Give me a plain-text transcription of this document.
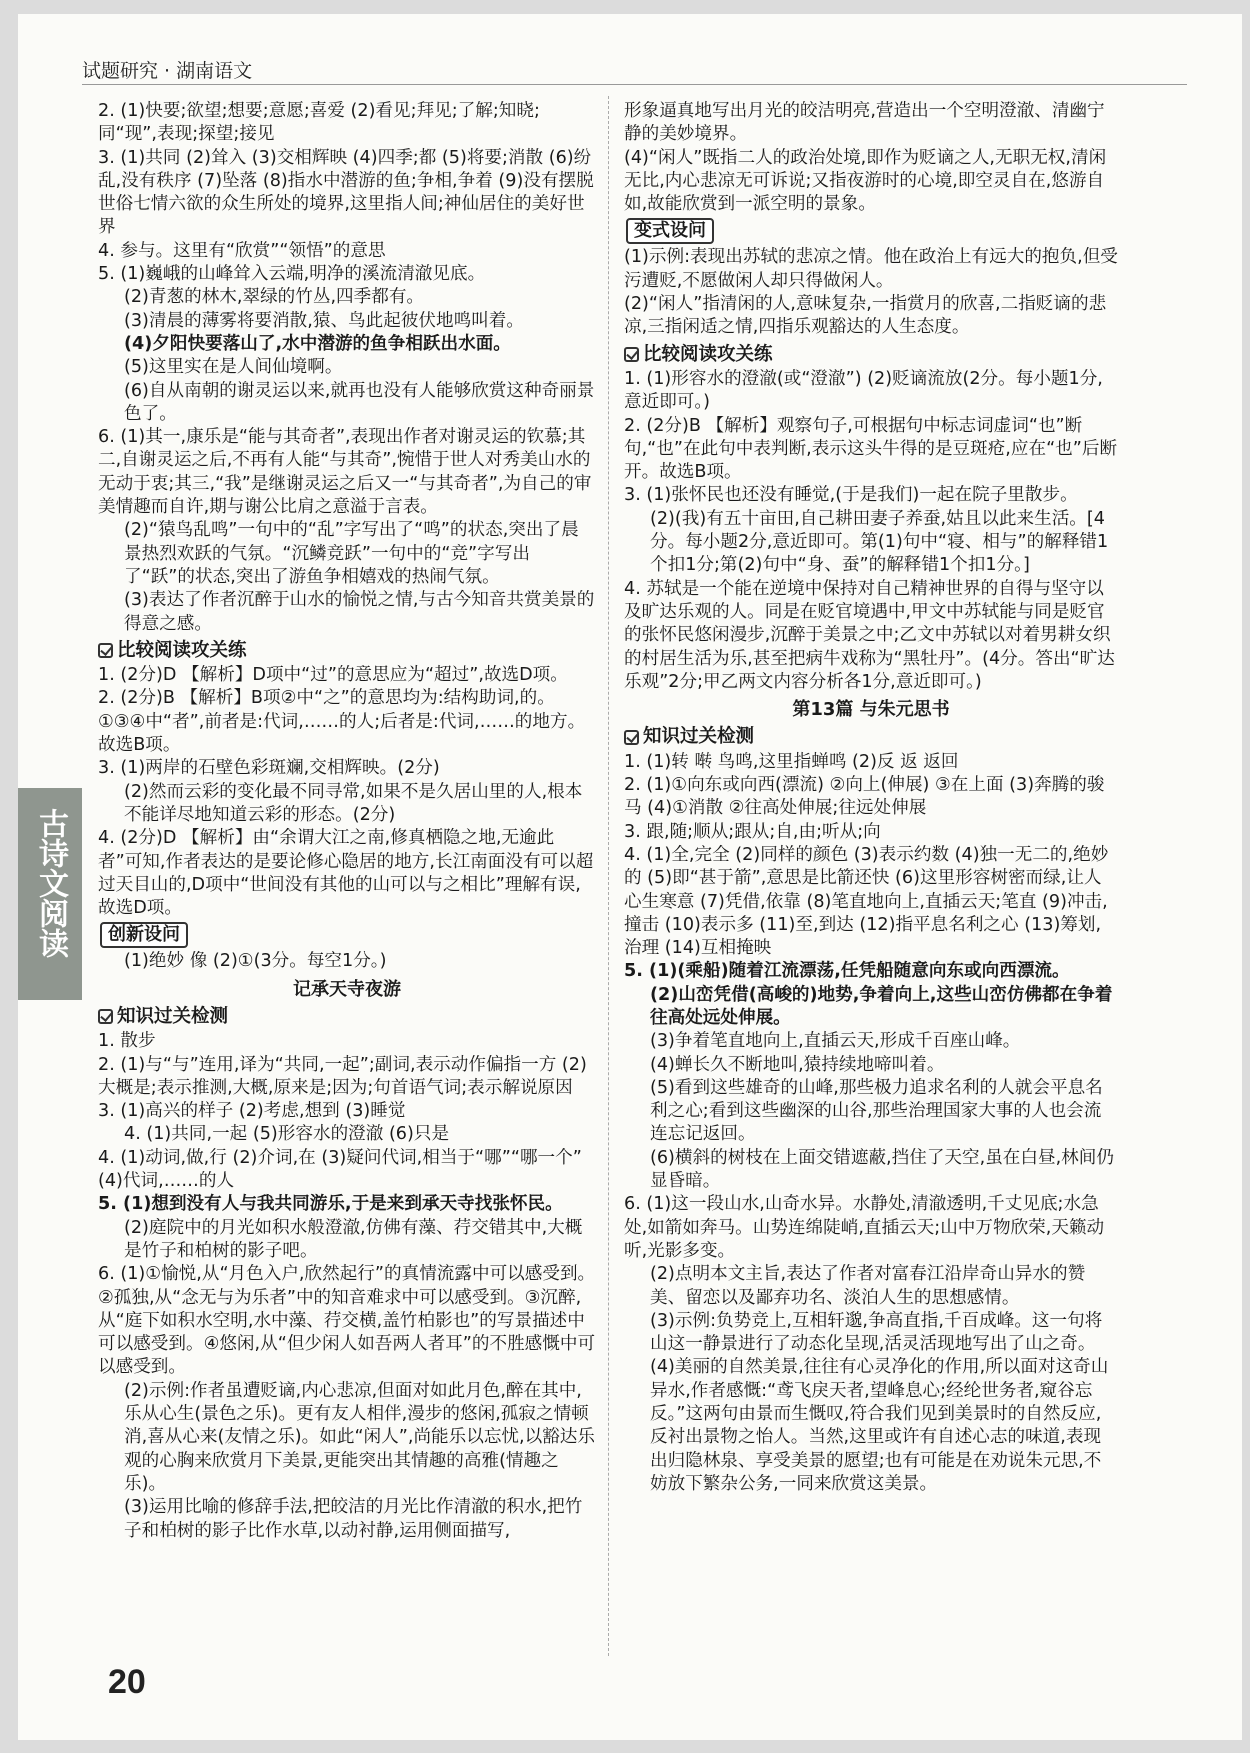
试题研究 · 湖南语文
古诗文阅读
2. (1)快要;欲望;想要;意愿;喜爱 (2)看见;拜见;了解;知晓;同“现”,表现;探望;接见
3. (1)共同 (2)耸入 (3)交相辉映 (4)四季;都 (5)将要;消散 (6)纷乱,没有秩序 (7)坠落 (8)指水中潜游的鱼;争相,争着 (9)没有摆脱世俗七情六欲的众生所处的境界,这里指人间;神仙居住的美好世界
4. 参与。这里有“欣赏”“领悟”的意思
5. (1)巍峨的山峰耸入云端,明净的溪流清澈见底。
(2)青葱的林木,翠绿的竹丛,四季都有。
(3)清晨的薄雾将要消散,猿、鸟此起彼伏地鸣叫着。
(4)夕阳快要落山了,水中潜游的鱼争相跃出水面。
(5)这里实在是人间仙境啊。
(6)自从南朝的谢灵运以来,就再也没有人能够欣赏这种奇丽景色了。
6. (1)其一,康乐是“能与其奇者”,表现出作者对谢灵运的钦慕;其二,自谢灵运之后,不再有人能“与其奇”,惋惜于世人对秀美山水的无动于衷;其三,“我”是继谢灵运之后又一“与其奇者”,为自己的审美情趣而自许,期与谢公比肩之意溢于言表。
(2)“猿鸟乱鸣”一句中的“乱”字写出了“鸣”的状态,突出了晨景热烈欢跃的气氛。“沉鳞竞跃”一句中的“竞”字写出了“跃”的状态,突出了游鱼争相嬉戏的热闹气氛。
(3)表达了作者沉醉于山水的愉悦之情,与古今知音共赏美景的得意之感。
比较阅读攻关练
1. (2分)D 【解析】D项中“过”的意思应为“超过”,故选D项。
2. (2分)B 【解析】B项②中“之”的意思均为:结构助词,的。①③④中“者”,前者是:代词,……的人;后者是:代词,……的地方。故选B项。
3. (1)两岸的石壁色彩斑斓,交相辉映。(2分)
(2)然而云彩的变化最不同寻常,如果不是久居山里的人,根本不能详尽地知道云彩的形态。(2分)
4. (2分)D 【解析】由“余谓大江之南,修真栖隐之地,无逾此者”可知,作者表达的是要论修心隐居的地方,长江南面没有可以超过天目山的,D项中“世间没有其他的山可以与之相比”理解有误,故选D项。
创新设问
(1)绝妙 像 (2)①(3分。每空1分。)
记承天寺夜游
知识过关检测
1. 散步
2. (1)与“与”连用,译为“共同,一起”;副词,表示动作偏指一方 (2)大概是;表示推测,大概,原来是;因为;句首语气词;表示解说原因
3. (1)高兴的样子 (2)考虑,想到 (3)睡觉
4. (1)共同,一起 (5)形容水的澄澈 (6)只是
4. (1)动词,做,行 (2)介词,在 (3)疑问代词,相当于“哪”“哪一个” (4)代词,……的人
5. (1)想到没有人与我共同游乐,于是来到承天寺找张怀民。
(2)庭院中的月光如积水般澄澈,仿佛有藻、荇交错其中,大概是竹子和柏树的影子吧。
6. (1)①愉悦,从“月色入户,欣然起行”的真情流露中可以感受到。②孤独,从“念无与为乐者”中的知音难求中可以感受到。③沉醉,从“庭下如积水空明,水中藻、荇交横,盖竹柏影也”的写景描述中可以感受到。④悠闲,从“但少闲人如吾两人者耳”的不胜感慨中可以感受到。
(2)示例:作者虽遭贬谪,内心悲凉,但面对如此月色,醉在其中,乐从心生(景色之乐)。更有友人相伴,漫步的悠闲,孤寂之情顿消,喜从心来(友情之乐)。如此“闲人”,尚能乐以忘忧,以豁达乐观的心胸来欣赏月下美景,更能突出其情趣的高雅(情趣之乐)。
(3)运用比喻的修辞手法,把皎洁的月光比作清澈的积水,把竹子和柏树的影子比作水草,以动衬静,运用侧面描写,
形象逼真地写出月光的皎洁明亮,营造出一个空明澄澈、清幽宁静的美妙境界。
(4)“闲人”既指二人的政治处境,即作为贬谪之人,无职无权,清闲无比,内心悲凉无可诉说;又指夜游时的心境,即空灵自在,悠游自如,故能欣赏到一派空明的景象。
变式设问
(1)示例:表现出苏轼的悲凉之情。他在政治上有远大的抱负,但受污遭贬,不愿做闲人却只得做闲人。
(2)“闲人”指清闲的人,意味复杂,一指赏月的欣喜,二指贬谪的悲凉,三指闲适之情,四指乐观豁达的人生态度。
比较阅读攻关练
1. (1)形容水的澄澈(或“澄澈”) (2)贬谪流放(2分。每小题1分,意近即可。)
2. (2分)B 【解析】观察句子,可根据句中标志词虚词“也”断句,“也”在此句中表判断,表示这头牛得的是豆斑疮,应在“也”后断开。故选B项。
3. (1)张怀民也还没有睡觉,(于是我们)一起在院子里散步。
(2)(我)有五十亩田,自己耕田妻子养蚕,姑且以此来生活。[4分。每小题2分,意近即可。第(1)句中“寝、相与”的解释错1个扣1分;第(2)句中“身、蚕”的解释错1个扣1分。]
4. 苏轼是一个能在逆境中保持对自己精神世界的自得与坚守以及旷达乐观的人。同是在贬官境遇中,甲文中苏轼能与同是贬官的张怀民悠闲漫步,沉醉于美景之中;乙文中苏轼以对着男耕女织的村居生活为乐,甚至把病牛戏称为“黑牡丹”。(4分。答出“旷达乐观”2分;甲乙两文内容分析各1分,意近即可。)
第13篇 与朱元思书
知识过关检测
1. (1)转 啭 鸟鸣,这里指蝉鸣 (2)反 返 返回
2. (1)①向东或向西(漂流) ②向上(伸展) ③在上面 (3)奔腾的骏马 (4)①消散 ②往高处伸展;往远处伸展
3. 跟,随;顺从;跟从;自,由;听从;向
4. (1)全,完全 (2)同样的颜色 (3)表示约数 (4)独一无二的,绝妙的 (5)即“甚于箭”,意思是比箭还快 (6)这里形容树密而绿,让人心生寒意 (7)凭借,依靠 (8)笔直地向上,直插云天;笔直 (9)冲击,撞击 (10)表示多 (11)至,到达 (12)指平息名利之心 (13)筹划,治理 (14)互相掩映
5. (1)(乘船)随着江流漂荡,任凭船随意向东或向西漂流。
(2)山峦凭借(高峻的)地势,争着向上,这些山峦仿佛都在争着往高处远处伸展。
(3)争着笔直地向上,直插云天,形成千百座山峰。
(4)蝉长久不断地叫,猿持续地啼叫着。
(5)看到这些雄奇的山峰,那些极力追求名利的人就会平息名利之心;看到这些幽深的山谷,那些治理国家大事的人也会流连忘记返回。
(6)横斜的树枝在上面交错遮蔽,挡住了天空,虽在白昼,林间仍显昏暗。
6. (1)这一段山水,山奇水异。水静处,清澈透明,千丈见底;水急处,如箭如奔马。山势连绵陡峭,直插云天;山中万物欣荣,天籁动听,光影多变。
(2)点明本文主旨,表达了作者对富春江沿岸奇山异水的赞美、留恋以及鄙弃功名、淡泊人生的思想感情。
(3)示例:负势竞上,互相轩邈,争高直指,千百成峰。这一句将山这一静景进行了动态化呈现,活灵活现地写出了山之奇。
(4)美丽的自然美景,往往有心灵净化的作用,所以面对这奇山异水,作者感慨:“鸢飞戾天者,望峰息心;经纶世务者,窥谷忘反。”这两句由景而生慨叹,符合我们见到美景时的自然反应,反衬出景物之怡人。当然,这里或许有自述心志的味道,表现出归隐林泉、享受美景的愿望;也有可能是在劝说朱元思,不妨放下繁杂公务,一同来欣赏这美景。
20
